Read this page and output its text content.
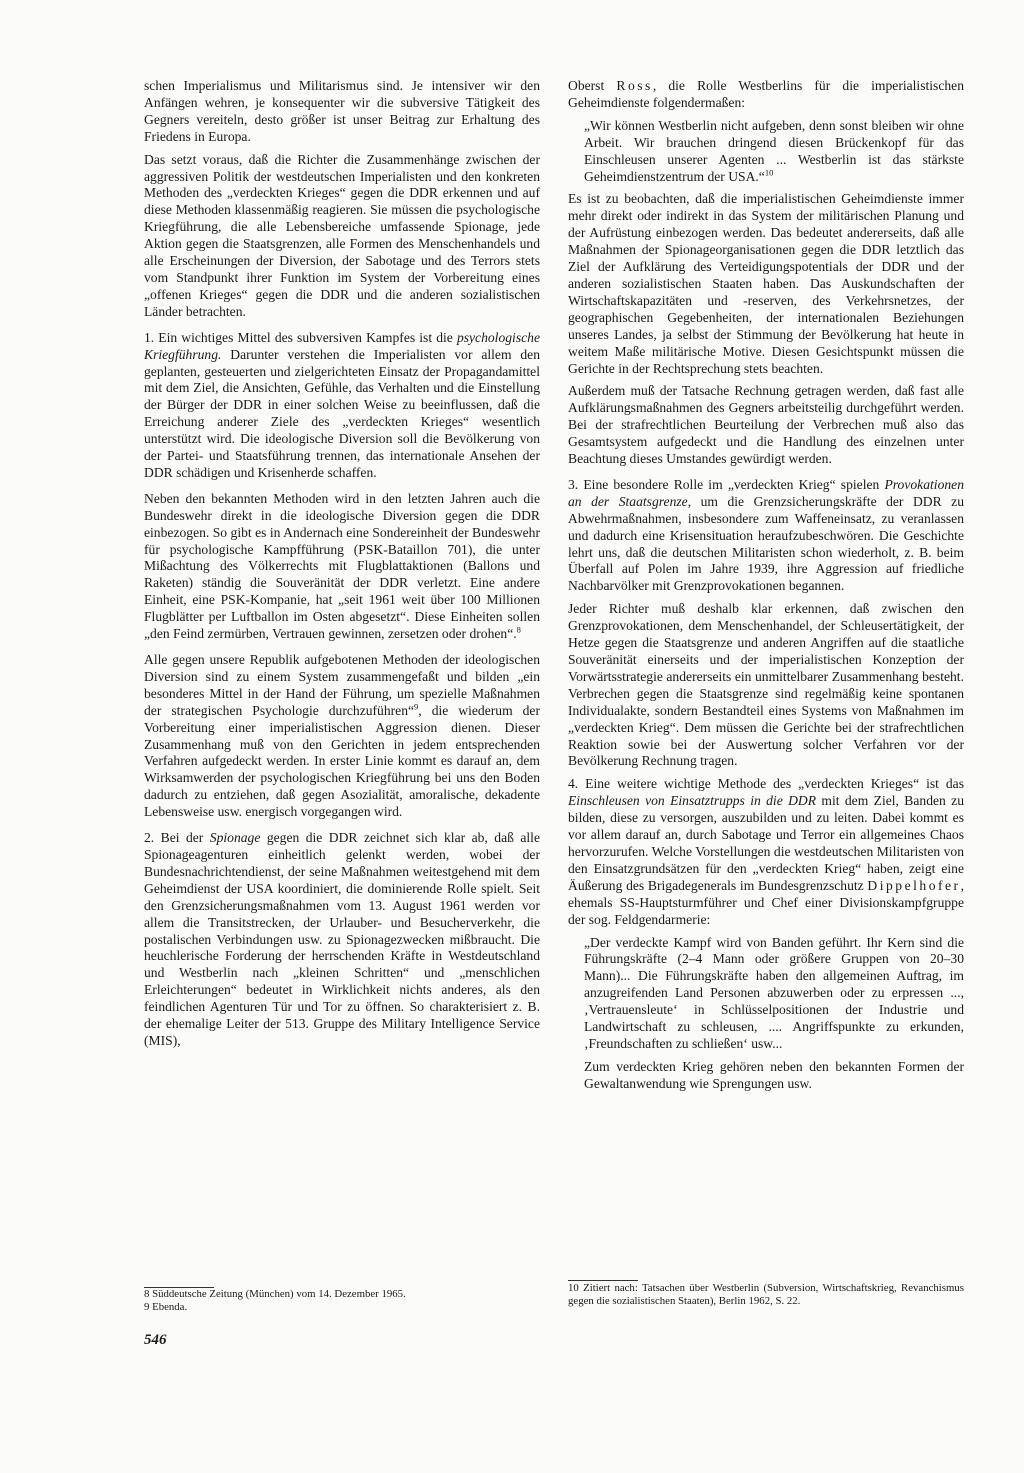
schen Imperialismus und Militarismus sind. Je intensiver wir den Anfängen wehren, je konsequenter wir die subversive Tätigkeit des Gegners vereiteln, desto größer ist unser Beitrag zur Erhaltung des Friedens in Europa.

Das setzt voraus, daß die Richter die Zusammenhänge zwischen der aggressiven Politik der westdeutschen Imperialisten und den konkreten Methoden des „verdeckten Krieges“ gegen die DDR erkennen und auf diese Methoden klassenmäßig reagieren. Sie müssen die psychologische Kriegführung, die alle Lebensbereiche umfassende Spionage, jede Aktion gegen die Staatsgrenzen, alle Formen des Menschenhandels und alle Erscheinungen der Diversion, der Sabotage und des Terrors stets vom Standpunkt ihrer Funktion im System der Vorbereitung eines „offenen Krieges“ gegen die DDR und die anderen sozialistischen Länder betrachten.

1. Ein wichtiges Mittel des subversiven Kampfes ist die psychologische Kriegführung. Darunter verstehen die Imperialisten vor allem den geplanten, gesteuerten und zielgerichteten Einsatz der Propagandamittel mit dem Ziel, die Ansichten, Gefühle, das Verhalten und die Einstellung der Bürger der DDR in einer solchen Weise zu beeinflussen, daß die Erreichung anderer Ziele des „verdeckten Krieges“ wesentlich unterstützt wird. Die ideologische Diversion soll die Bevölkerung von der Partei- und Staatsführung trennen, das internationale Ansehen der DDR schädigen und Krisenherde schaffen.

Neben den bekannten Methoden wird in den letzten Jahren auch die Bundeswehr direkt in die ideologische Diversion gegen die DDR einbezogen. So gibt es in Andernach eine Sondereinheit der Bundeswehr für psychologische Kampfführung (PSK-Bataillon 701), die unter Mißachtung des Völkerrechts mit Flugblattaktionen (Ballons und Raketen) ständig die Souveränität der DDR verletzt. Eine andere Einheit, eine PSK-Kompanie, hat „seit 1961 weit über 100 Millionen Flugblätter per Luftballon im Osten abgesetzt“. Diese Einheiten sollen „den Feind zermürben, Vertrauen gewinnen, zersetzen oder drohen“.$^8$

Alle gegen unsere Republik aufgebotenen Methoden der ideologischen Diversion sind zu einem System zusammengefaßt und bilden „ein besonderes Mittel in der Hand der Führung, um spezielle Maßnahmen der strategischen Psychologie durchzuführen“$^9$, die wiederum der Vorbereitung einer imperialistischen Aggression dienen. Dieser Zusammenhang muß von den Gerichten in jedem entsprechenden Verfahren aufgedeckt werden. In erster Linie kommt es darauf an, dem Wirksamwerden der psychologischen Kriegführung bei uns den Boden dadurch zu entziehen, daß gegen Asozialität, amoralische, dekadente Lebensweise usw. energisch vorgegangen wird.

2. Bei der Spionage gegen die DDR zeichnet sich klar ab, daß alle Spionageagenturen einheitlich gelenkt werden, wobei der Bundesnachrichtendienst, der seine Maßnahmen weitestgehend mit dem Geheimdienst der USA koordiniert, die dominierende Rolle spielt. Seit den Grenzsicherungsmaßnahmen vom 13. August 1961 werden vor allem die Transitstrecken, der Urlauber- und Besucherverkehr, die postalischen Verbindungen usw. zu Spionagezwecken mißbraucht. Die heuchlerische Forderung der herrschenden Kräfte in Westdeutschland und Westberlin nach „kleinen Schritten“ und „menschlichen Erleichterungen“ bedeutet in Wirklichkeit nichts anderes, als den feindlichen Agenturen Tür und Tor zu öffnen. So charakterisiert z. B. der ehemalige Leiter der 513. Gruppe des Military Intelligence Service (MIS),

Oberst Ross, die Rolle Westberlins für die imperialistischen Geheimdienste folgendermaßen:

„Wir können Westberlin nicht aufgeben, denn sonst bleiben wir ohne Arbeit. Wir brauchen dringend diesen Brückenkopf für das Einschleusen unserer Agenten ... Westberlin ist das stärkste Geheimdienstzentrum der USA.“$^{10}$

Es ist zu beobachten, daß die imperialistischen Geheimdienste immer mehr direkt oder indirekt in das System der militärischen Planung und der Aufrüstung einbezogen werden. Das bedeutet andererseits, daß alle Maßnahmen der Spionageorganisationen gegen die DDR letztlich das Ziel der Aufklärung des Verteidigungspotentials der DDR und der anderen sozialistischen Staaten haben. Das Auskundschaften der Wirtschaftskapazitäten und -reserven, des Verkehrsnetzes, der geographischen Gegebenheiten, der internationalen Beziehungen unseres Landes, ja selbst der Stimmung der Bevölkerung hat heute in weitem Maße militärische Motive. Diesen Gesichtspunkt müssen die Gerichte in der Rechtsprechung stets beachten.

Außerdem muß der Tatsache Rechnung getragen werden, daß fast alle Aufklärungsmaßnahmen des Gegners arbeitsteilig durchgeführt werden. Bei der strafrechtlichen Beurteilung der Verbrechen muß also das Gesamtsystem aufgedeckt und die Handlung des einzelnen unter Beachtung dieses Umstandes gewürdigt werden.

3. Eine besondere Rolle im „verdeckten Krieg“ spielen Provokationen an der Staatsgrenze, um die Grenzsicherungskräfte der DDR zu Abwehrmaßnahmen, insbesondere zum Waffeneinsatz, zu veranlassen und dadurch eine Krisensituation heraufzubeschwören. Die Geschichte lehrt uns, daß die deutschen Militaristen schon wiederholt, z. B. beim Überfall auf Polen im Jahre 1939, ihre Aggression auf friedliche Nachbarvölker mit Grenzprovokationen begannen.

Jeder Richter muß deshalb klar erkennen, daß zwischen den Grenzprovokationen, dem Menschenhandel, der Schleusertätigkeit, der Hetze gegen die Staatsgrenze und anderen Angriffen auf die staatliche Souveränität einerseits und der imperialistischen Konzeption der Vorwärtsstrategie andererseits ein unmittelbarer Zusammenhang besteht. Verbrechen gegen die Staatsgrenze sind regelmäßig keine spontanen Individualakte, sondern Bestandteil eines Systems von Maßnahmen im „verdeckten Krieg“. Dem müssen die Gerichte bei der strafrechtlichen Reaktion sowie bei der Auswertung solcher Verfahren vor der Bevölkerung Rechnung tragen.

4. Eine weitere wichtige Methode des „verdeckten Krieges“ ist das Einschleusen von Einsatztrupps in die DDR mit dem Ziel, Banden zu bilden, diese zu versorgen, auszubilden und zu leiten. Dabei kommt es vor allem darauf an, durch Sabotage und Terror ein allgemeines Chaos hervorzurufen. Welche Vorstellungen die westdeutschen Militaristen von den Einsatzgrundsätzen für den „verdeckten Krieg“ haben, zeigt eine Äußerung des Brigadegenerals im Bundesgrenzschutz Dippelhofer, ehemals SS-Hauptsturmführer und Chef einer Divisionskampfgruppe der sog. Feldgendarmerie:

„Der verdeckte Kampf wird von Banden geführt. Ihr Kern sind die Führungskräfte (2–4 Mann oder größere Gruppen von 20–30 Mann)... Die Führungskräfte haben den allgemeinen Auftrag, im anzugreifenden Land Personen abzuwerben oder zu erpressen ..., ‚Vertrauensleute‘ in Schlüsselpositionen der Industrie und Landwirtschaft zu schleusen, .... Angriffspunkte zu erkunden, ‚Freundschaften zu schließen‘ usw...

Zum verdeckten Krieg gehören neben den bekannten Formen der Gewaltanwendung wie Sprengungen usw.

8 Süddeutsche Zeitung (München) vom 14. Dezember 1965.

9 Ebenda.

10 Zitiert nach: Tatsachen über Westberlin (Subversion, Wirtschaftskrieg, Revanchismus gegen die sozialistischen Staaten), Berlin 1962, S. 22.

546
